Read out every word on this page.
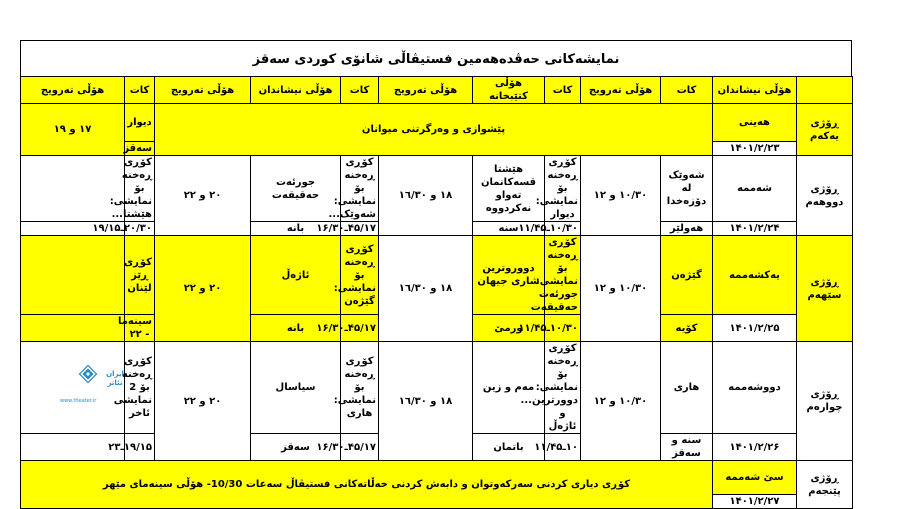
نمایشەکانی حەڤدەهەمین فستیڤاڵی شانۆی کوردی سەقز
	هۆڵی نیشاندان	کات	هۆڵی تەرویج	کات	هۆڵی کتێبخانە	هۆڵی تەرویج	کات	هۆڵی نیشاندان	هۆڵی تەرویج	کات	هۆڵی تەرویج
ڕۆژی یەکەم	هەینی	پێشوازی و وەرگرتنی میوانان								دیوار	١٧ و ١٩
	١۴٠١/٢/٢٣									سەقز	
ڕۆژی دووهەم	شەممە	شەوێک لە دۆزەخدا	١٠/٣٠ و ١٢	کۆڕی ڕەخنە بۆ نمایشی: دیوار	هێشتا قسەکانمان تەواو نەکردووە	١٨ و ١٦/٣٠	کۆڕی ڕەخنە بۆ نمایشی: شەوێک...	جورئەت حەقیقەت	٢٠ و ٢٢	کۆڕی ڕەخنە بۆ نمایشی: هێشتا...	
	١۴٠١/٢/٢۴	هەولێر		١٠/٣٠ـ١١/۴۵	سنە		١٧/۴۵ـ١۶/٣٠	بانە		٢٠/٣٠ـ١٩/١۵	
ڕۆژی سێهەم	یەکشەممە	گێژەن	١٠/٣٠ و ١٢	کۆڕی ڕەخنە بۆ نمایشی: جورئەت حەقیقەت	دووروترین شاری جیهان	١٨ و ١٦/٣٠	کۆڕی ڕەخنە بۆ نمایشی: گێژەن	ئاژەڵ	٢٠ و ٢٢	کۆڕی ڕێز لێنان	
	١۴٠١/٢/٢۵	کۆیە		١٠/٣٠ـ١١/۴۵	ورمێ		١٧/۴۵ـ١۶/٣٠	بانە		سینەما - ٢٢	
ڕۆژی چوارەم	دووشەممە	هاری	١٠/٣٠ و ١٢	کۆڕی ڕەخنە بۆ نمایشی: دوورترین... و ئاژەڵ	مەم و زین	١٨ و ١٦/٣٠	کۆڕی ڕەخنە بۆ نمایشی: هاری	سیاسال	٢٠ و ٢٢	کۆڕی ڕەخنە بۆ 2 نمایشی ئاخر	
	١۴٠١/٢/٢۶	سنە و سەقز		١٠ـ١١/۴۵	باتمان		١٧/۴۵ـ١۶/٣٠	سەقز		١٩/١۵ـ٢٣	
ڕۆژی پێنجەم	سێ شەممە	کۆڕی دیاری کردنی سەرکەوتوان و دابەش کردنی خەڵاتەکانی فستیڤاڵ سەعات 10/30- هۆڵی سینەمای مێهر									
	١۴٠١/٢/٢٧										
ایران تئاتر
www.theater.ir
